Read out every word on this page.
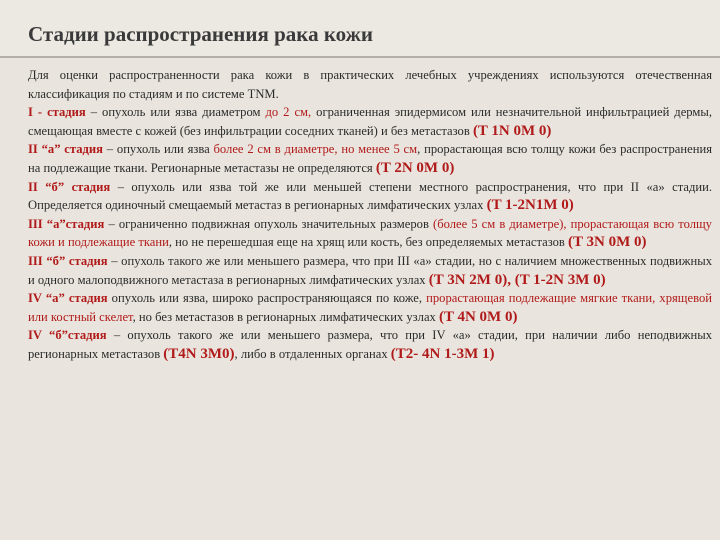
Стадии распространения рака кожи

Для оценки распространенности рака кожи в практических лечебных учреждениях используются отечественная классификация по стадиям и по системе TNM.

I - стадия – опухоль или язва диаметром до 2 см, ограниченная эпидермисом или незначительной инфильтрацией дермы, смещающая вместе с кожей (без инфильтрации соседних тканей) и без метастазов (T 1N 0M 0)

II “а” стадия – опухоль или язва более 2 см в диаметре, но менее 5 см, прорастающая всю толщу кожи без распространения на подлежащие ткани. Регионарные метастазы не определяются (T 2N 0M 0)

II “б” стадия – опухоль или язва той же или меньшей степени местного распространения, что при II «а» стадии. Определяется одиночный смещаемый метастаз в регионарных лимфатических узлах (T 1-2N1M 0)

III “а”стадия – ограниченно подвижная опухоль значительных размеров (более 5 см в диаметре), прорастающая всю толщу кожи и подлежащие ткани, но не перешедшая еще на хрящ или кость, без определяемых метастазов (T 3N 0M 0)

III “б” стадия – опухоль такого же или меньшего размера, что при III «а» стадии, но с наличием множественных подвижных и одного малоподвижного метастаза в регионарных лимфатических узлах (T 3N 2M 0), (T 1-2N 3M 0)

IV “а” стадия опухоль или язва, широко распространяющаяся по коже, прорастающая подлежащие мягкие ткани, хрящевой или костный скелет, но без метастазов в регионарных лимфатических узлах (T 4N 0M 0)

IV “б”стадия – опухоль такого же или меньшего размера, что при IV «а» стадии, при наличии либо неподвижных регионарных метастазов (T4N 3M0), либо в отдаленных органах (T2- 4N 1-3M 1)
